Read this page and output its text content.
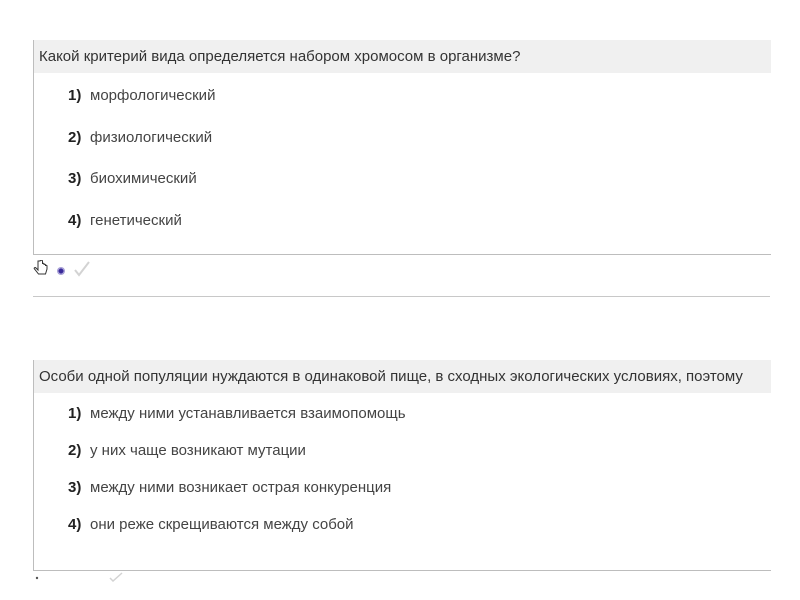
Какой критерий вида определяется набором хромосом в организме?
1) морфологический
2) физиологический
3) биохимический
4) генетический
Особи одной популяции нуждаются в одинаковой пище, в сходных экологических условиях, поэтому
1) между ними устанавливается взаимопомощь
2) у них чаще возникают мутации
3) между ними возникает острая конкуренция
4) они реже скрещиваются между собой
